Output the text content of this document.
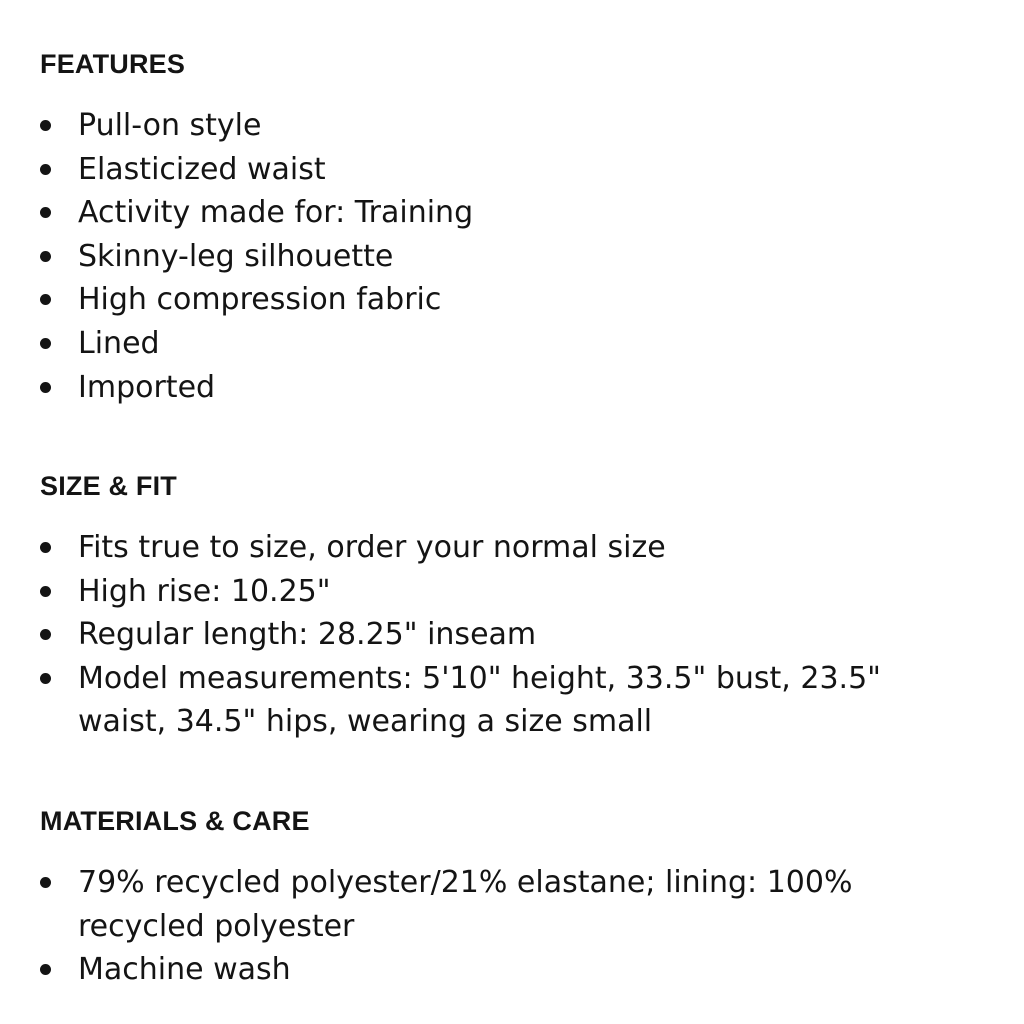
FEATURES
Pull-on style
Elasticized waist
Activity made for: Training
Skinny-leg silhouette
High compression fabric
Lined
Imported
SIZE & FIT
Fits true to size, order your normal size
High rise: 10.25"
Regular length: 28.25" inseam
Model measurements: 5'10" height, 33.5" bust, 23.5" waist, 34.5" hips, wearing a size small
MATERIALS & CARE
79% recycled polyester/21% elastane; lining: 100% recycled polyester
Machine wash
